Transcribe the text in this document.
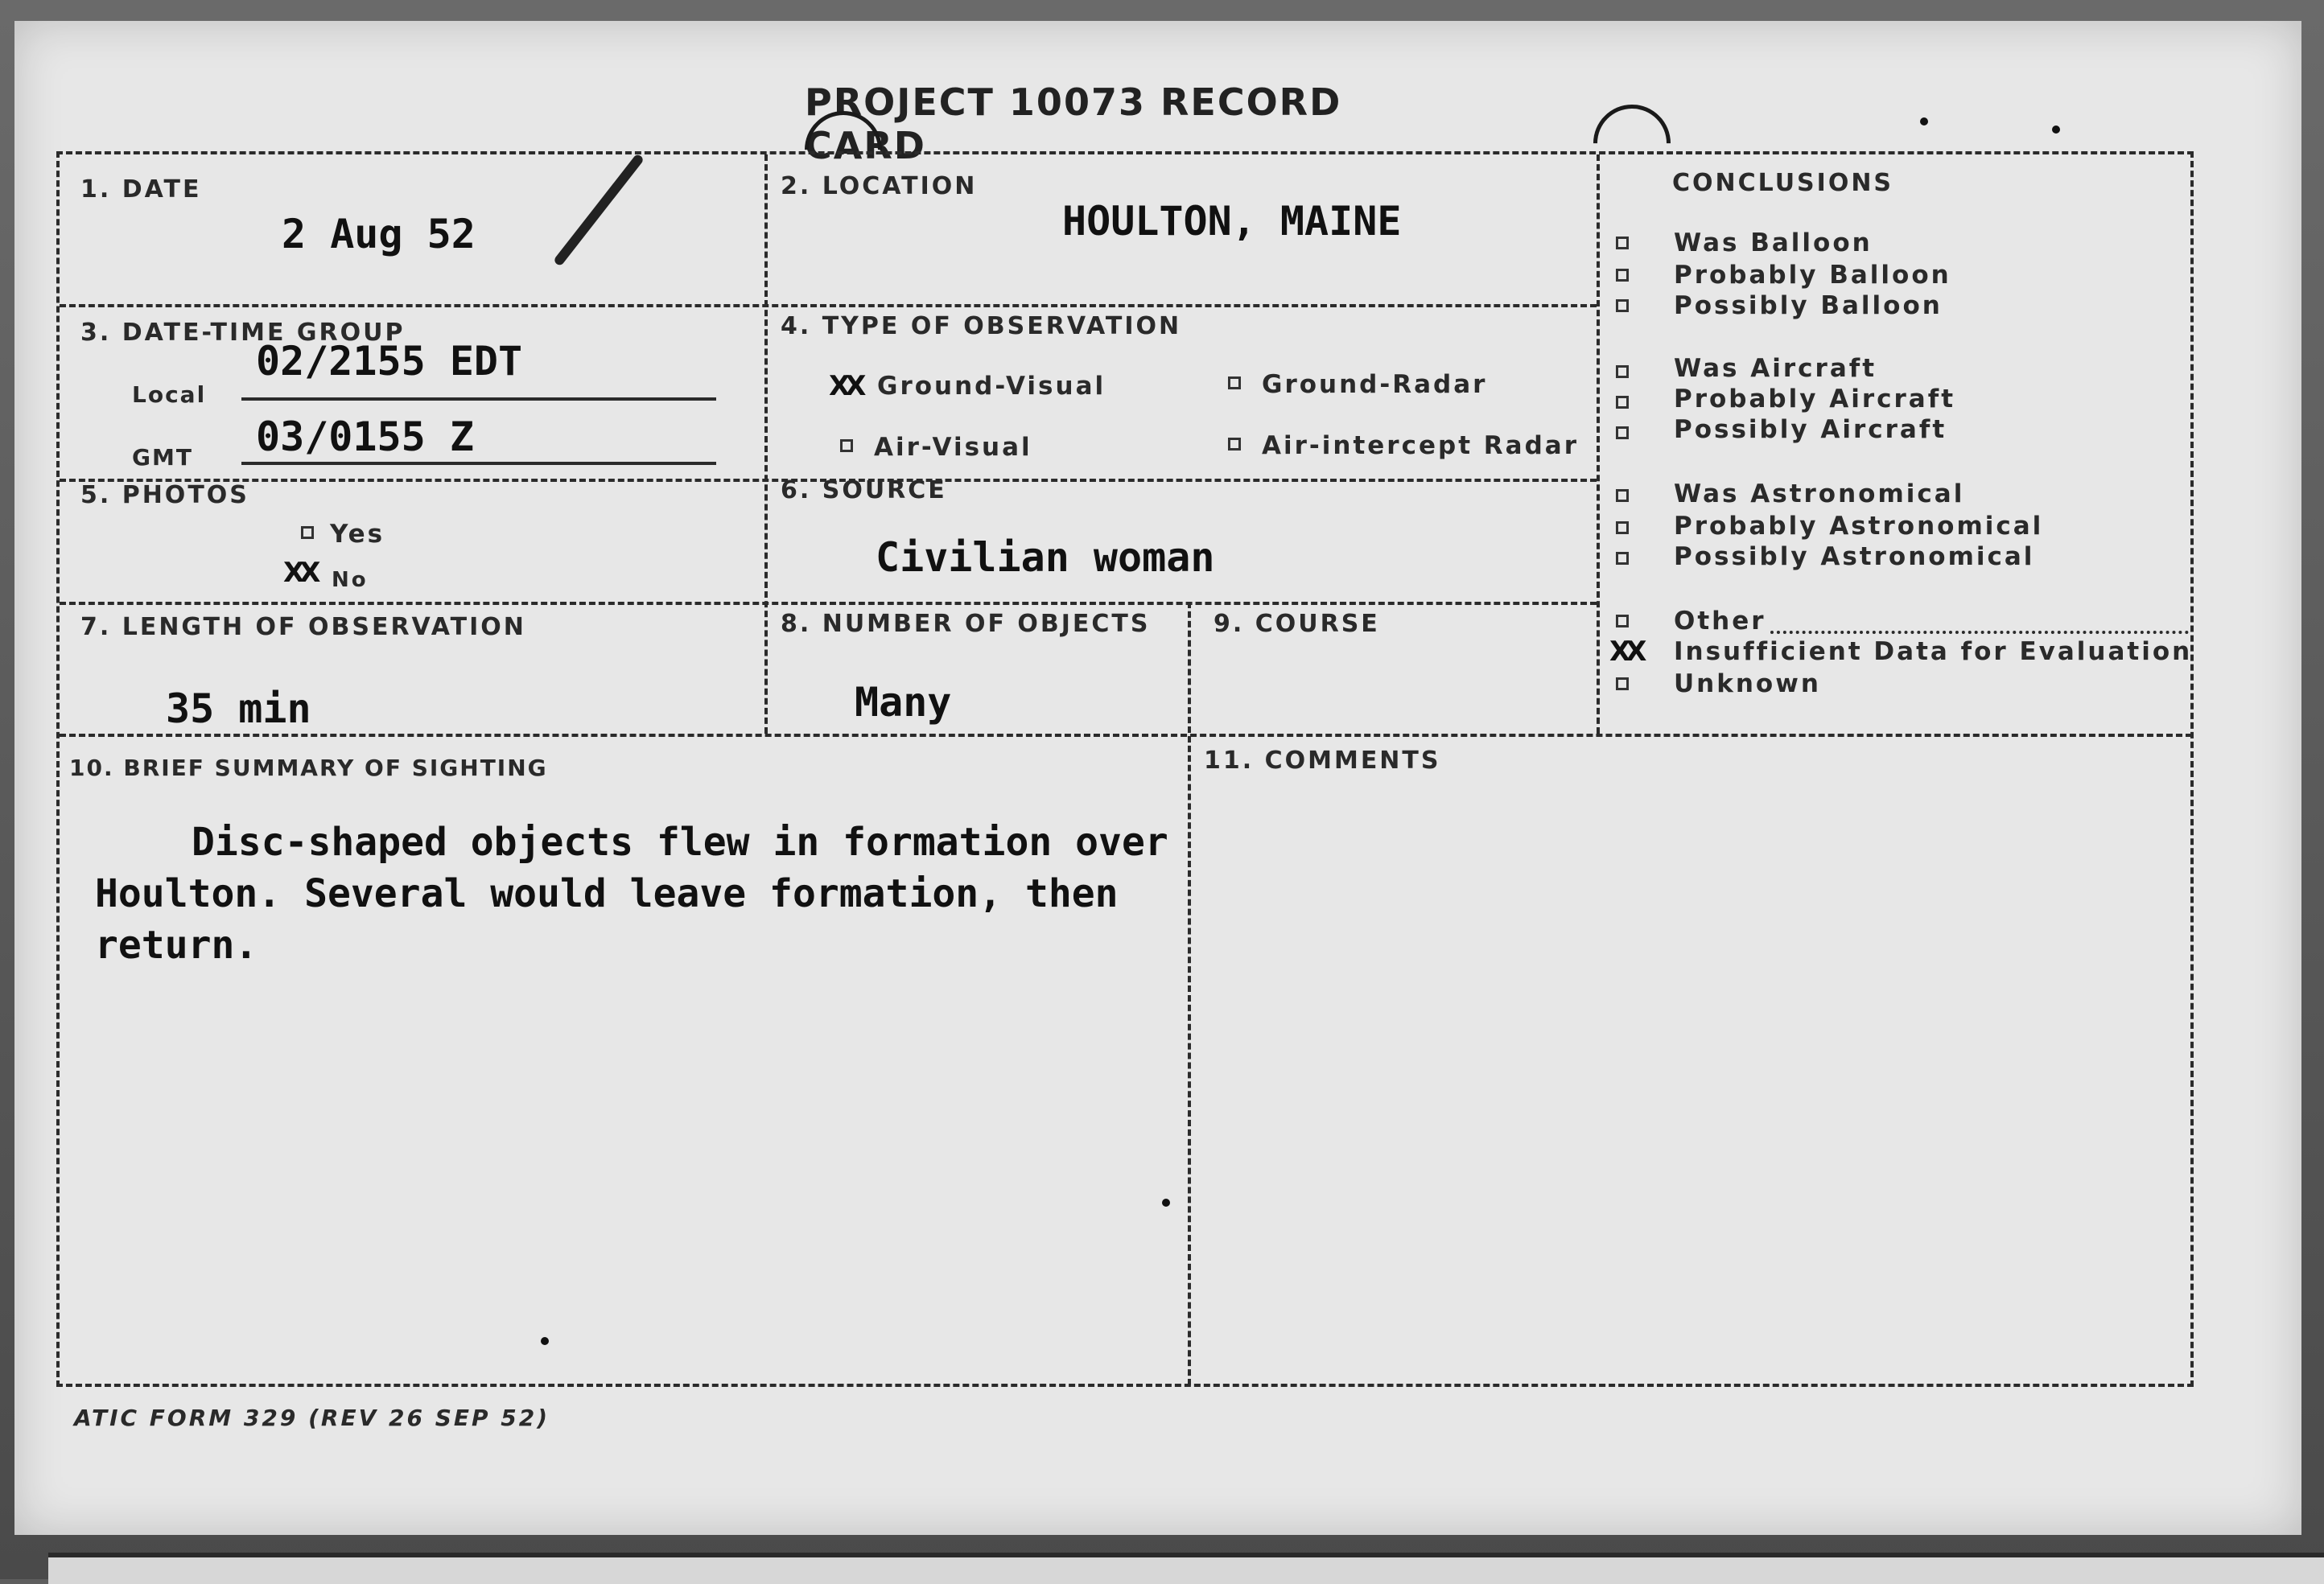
PROJECT 10073 RECORD CARD
1. DATE
2 Aug 52
2. LOCATION
HOULTON, MAINE
3. DATE-TIME GROUP
Local
02/2155 EDT
GMT 03/0155 Z
4. TYPE OF OBSERVATION
XX Ground-Visual	Ground-Radar
Air-Visual	Air-intercept Radar
5. PHOTOS
Yes
XX No
6. SOURCE
Civilian woman
7. LENGTH OF OBSERVATION
35 min
8. NUMBER OF OBJECTS
Many
9. COURSE
CONCLUSIONS
Was Balloon
Probably Balloon
Possibly Balloon
Was Aircraft
Probably Aircraft
Possibly Aircraft
Was Astronomical
Probably Astronomical
Possibly Astronomical
Other
XX Insufficient Data for Evaluation
Unknown
10. BRIEF SUMMARY OF SIGHTING
Disc-shaped objects flew in formation over Houlton. Several would leave formation, then return.
11. COMMENTS
ATIC FORM 329 (REV 26 SEP 52)
